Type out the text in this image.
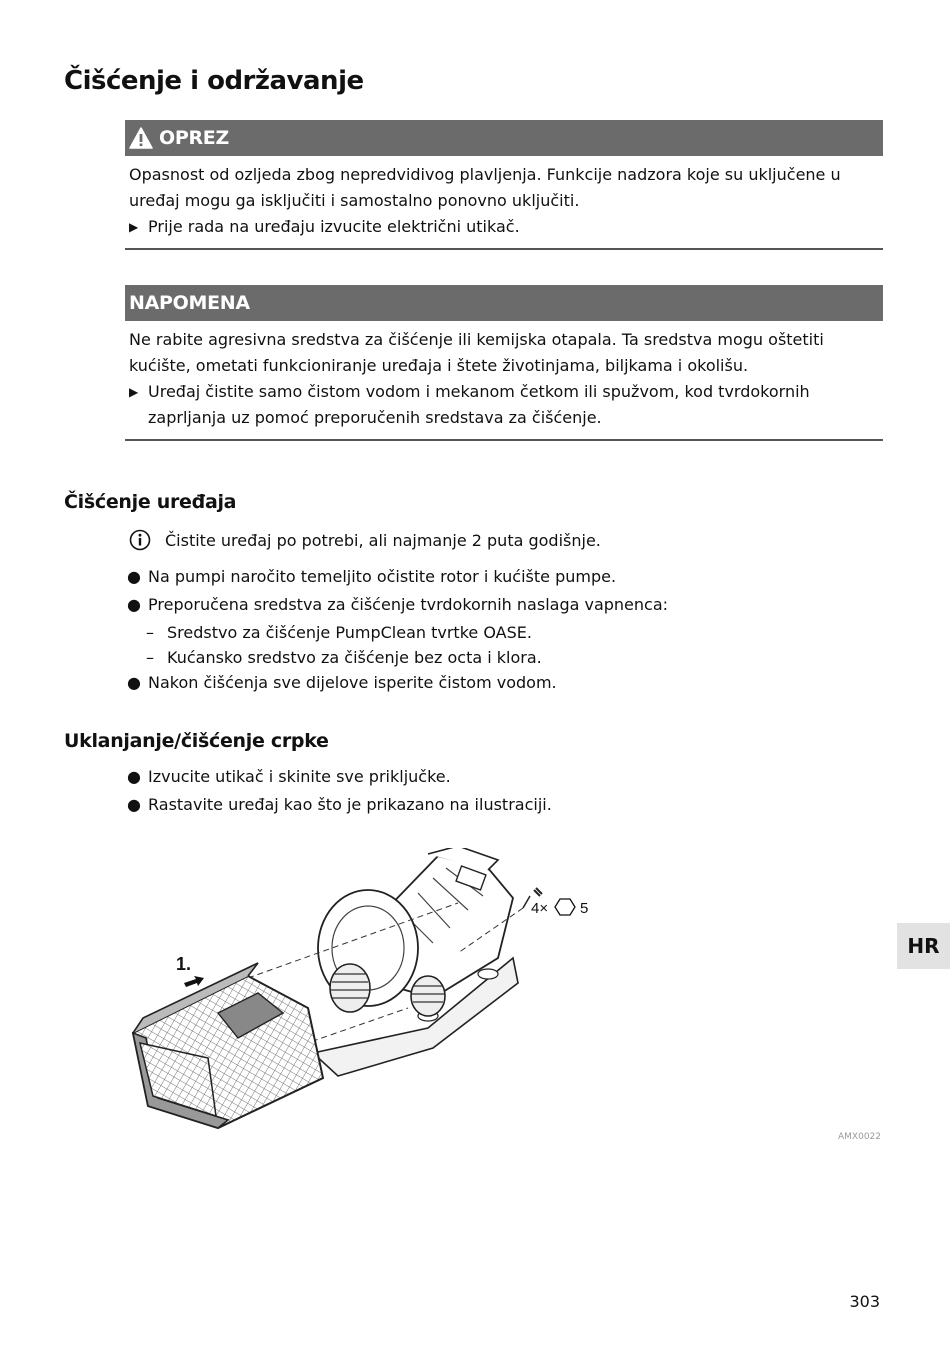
Čišćenje i održavanje
OPREZ

Opasnost od ozljeda zbog nepredvidivog plavljenja. Funkcije nadzora koje su uključene u uređaj mogu ga isključiti i samostalno ponovno uključiti.

▶ Prije rada na uređaju izvucite električni utikač.
NAPOMENA

Ne rabite agresivna sredstva za čišćenje ili kemijska otapala. Ta sredstva mogu oštetiti kućište, ometati funkcioniranje uređaja i štete životinjama, biljkama i okolišu.

▶ Uređaj čistite samo čistom vodom i mekanom četkom ili spužvom, kod tvrdokornih zaprljanja uz pomoć preporučenih sredstava za čišćenje.
Čišćenje uređaja
Čistite uređaj po potrebi, ali najmanje 2 puta godišnje.
● Na pumpi naročito temeljito očistite rotor i kućište pumpe.
● Preporučena sredstva za čišćenje tvrdokornih naslaga vapnenca:
– Sredstvo za čišćenje PumpClean tvrtke OASE.
– Kućansko sredstvo za čišćenje bez octa i klora.
● Nakon čišćenja sve dijelove isperite čistom vodom.
Uklanjanje/čišćenje crpke
● Izvucite utikač i skinite sve priključke.
● Rastavite uređaj kao što je prikazano na ilustraciji.
1.
4× 5
AMX0022
HR
303
